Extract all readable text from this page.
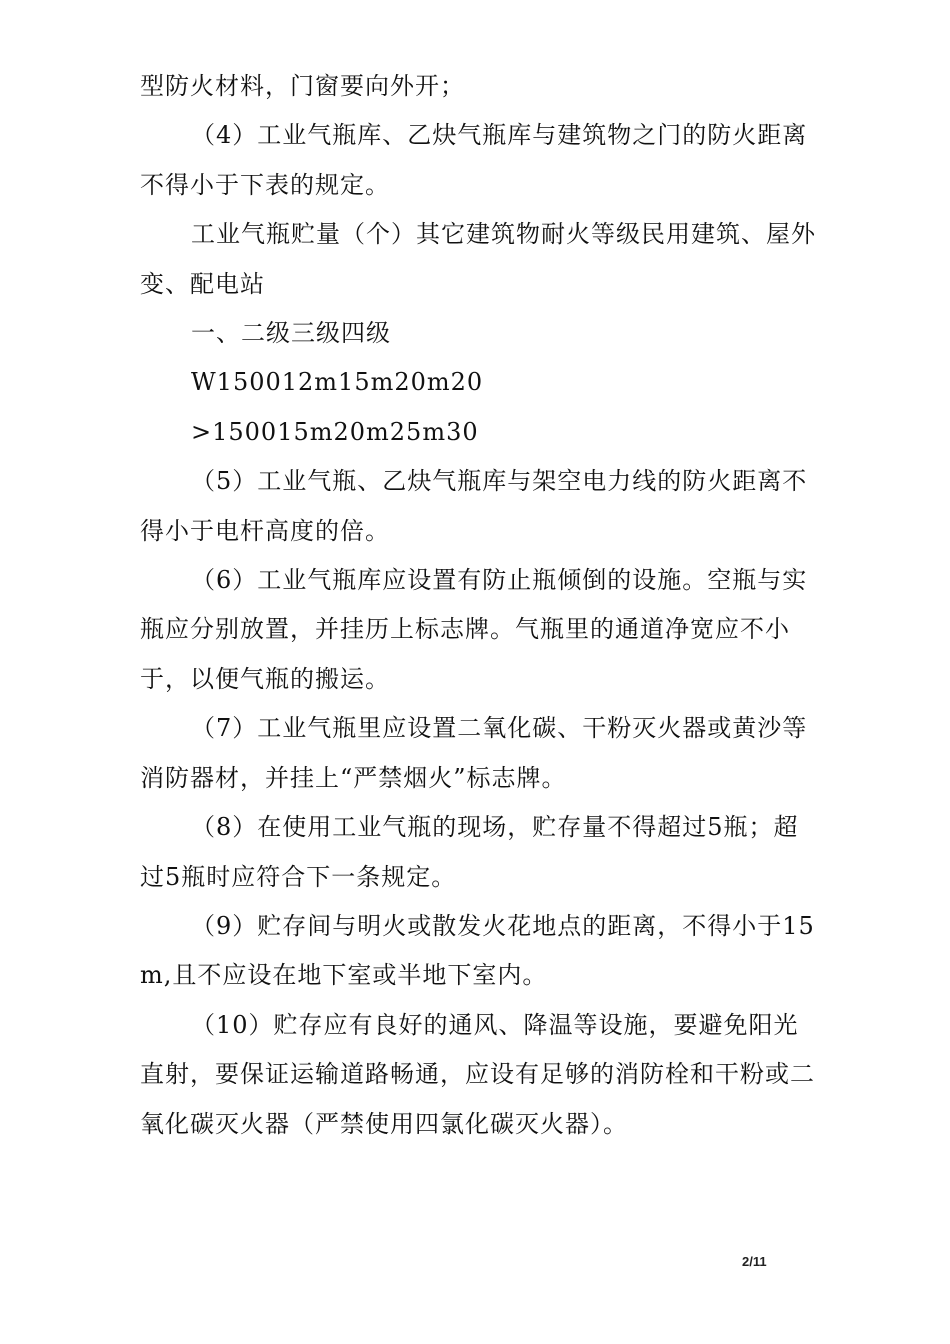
型防火材料，门窗要向外开；

（4）工业气瓶库、乙炔气瓶库与建筑物之门的防火距离不得小于下表的规定。

工业气瓶贮量（个）其它建筑物耐火等级民用建筑、屋外变、配电站

一、二级三级四级

W150012m15m20m20

>150015m20m25m30

（5）工业气瓶、乙炔气瓶库与架空电力线的防火距离不得小于电杆高度的倍。

（6）工业气瓶库应设置有防止瓶倾倒的设施。空瓶与实瓶应分别放置，并挂历上标志牌。气瓶里的通道净宽应不小于，以便气瓶的搬运。

（7）工业气瓶里应设置二氧化碳、干粉灭火器或黄沙等消防器材，并挂上“严禁烟火”标志牌。

（8）在使用工业气瓶的现场，贮存量不得超过5瓶；超过5瓶时应符合下一条规定。

（9）贮存间与明火或散发火花地点的距离，不得小于15m,且不应设在地下室或半地下室内。

（10）贮存应有良好的通风、降温等设施，要避免阳光直射，要保证运输道路畅通，应设有足够的消防栓和干粉或二氧化碳灭火器（严禁使用四氯化碳灭火器）。

2/11
